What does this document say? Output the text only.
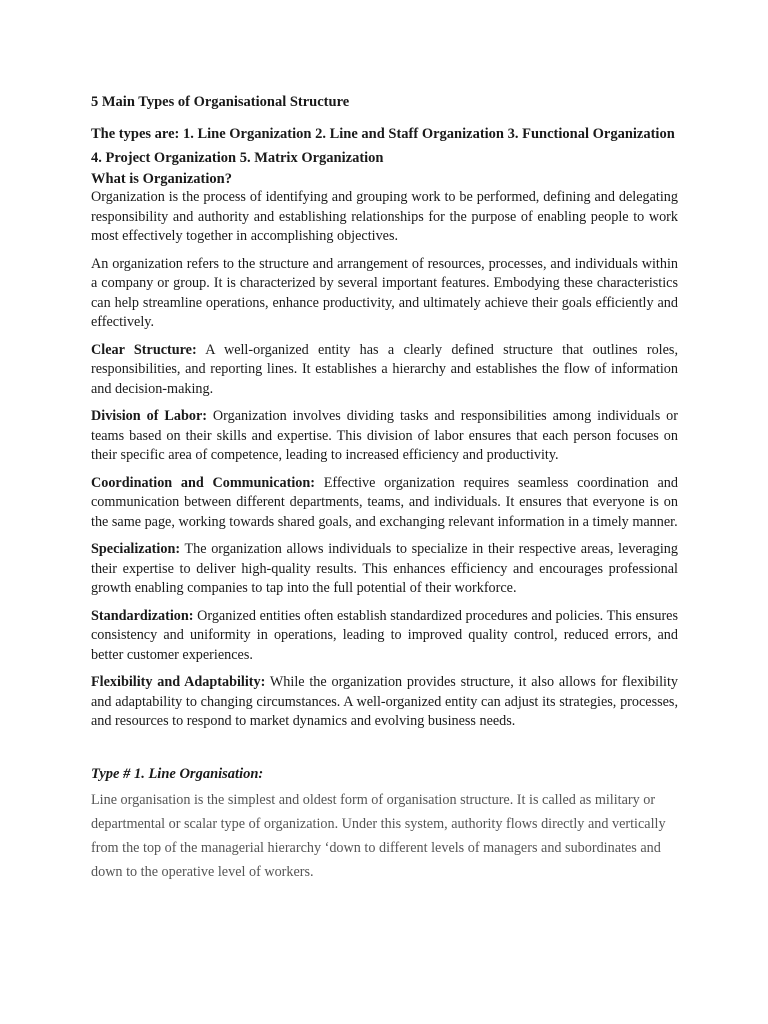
5 Main Types of Organisational Structure

The types are: 1. Line Organization 2. Line and Staff Organization 3. Functional Organization 4. Project Organization 5. Matrix Organization

What is Organization?

Organization is the process of identifying and grouping work to be performed, defining and delegating responsibility and authority and establishing relationships for the purpose of enabling people to work most effectively together in accomplishing objectives.

An organization refers to the structure and arrangement of resources, processes, and individuals within a company or group. It is characterized by several important features. Embodying these characteristics can help streamline operations, enhance productivity, and ultimately achieve their goals efficiently and effectively.

Clear Structure: A well-organized entity has a clearly defined structure that outlines roles, responsibilities, and reporting lines. It establishes a hierarchy and establishes the flow of information and decision-making.

Division of Labor: Organization involves dividing tasks and responsibilities among individuals or teams based on their skills and expertise. This division of labor ensures that each person focuses on their specific area of competence, leading to increased efficiency and productivity.

Coordination and Communication: Effective organization requires seamless coordination and communication between different departments, teams, and individuals. It ensures that everyone is on the same page, working towards shared goals, and exchanging relevant information in a timely manner.

Specialization: The organization allows individuals to specialize in their respective areas, leveraging their expertise to deliver high-quality results. This enhances efficiency and encourages professional growth enabling companies to tap into the full potential of their workforce.

Standardization: Organized entities often establish standardized procedures and policies. This ensures consistency and uniformity in operations, leading to improved quality control, reduced errors, and better customer experiences.

Flexibility and Adaptability: While the organization provides structure, it also allows for flexibility and adaptability to changing circumstances. A well-organized entity can adjust its strategies, processes, and resources to respond to market dynamics and evolving business needs.

Type # 1. Line Organisation:

Line organisation is the simplest and oldest form of organisation structure. It is called as military or departmental or scalar type of organization. Under this system, authority flows directly and vertically from the top of the managerial hierarchy ‘down to different levels of managers and subordinates and down to the operative level of workers.
